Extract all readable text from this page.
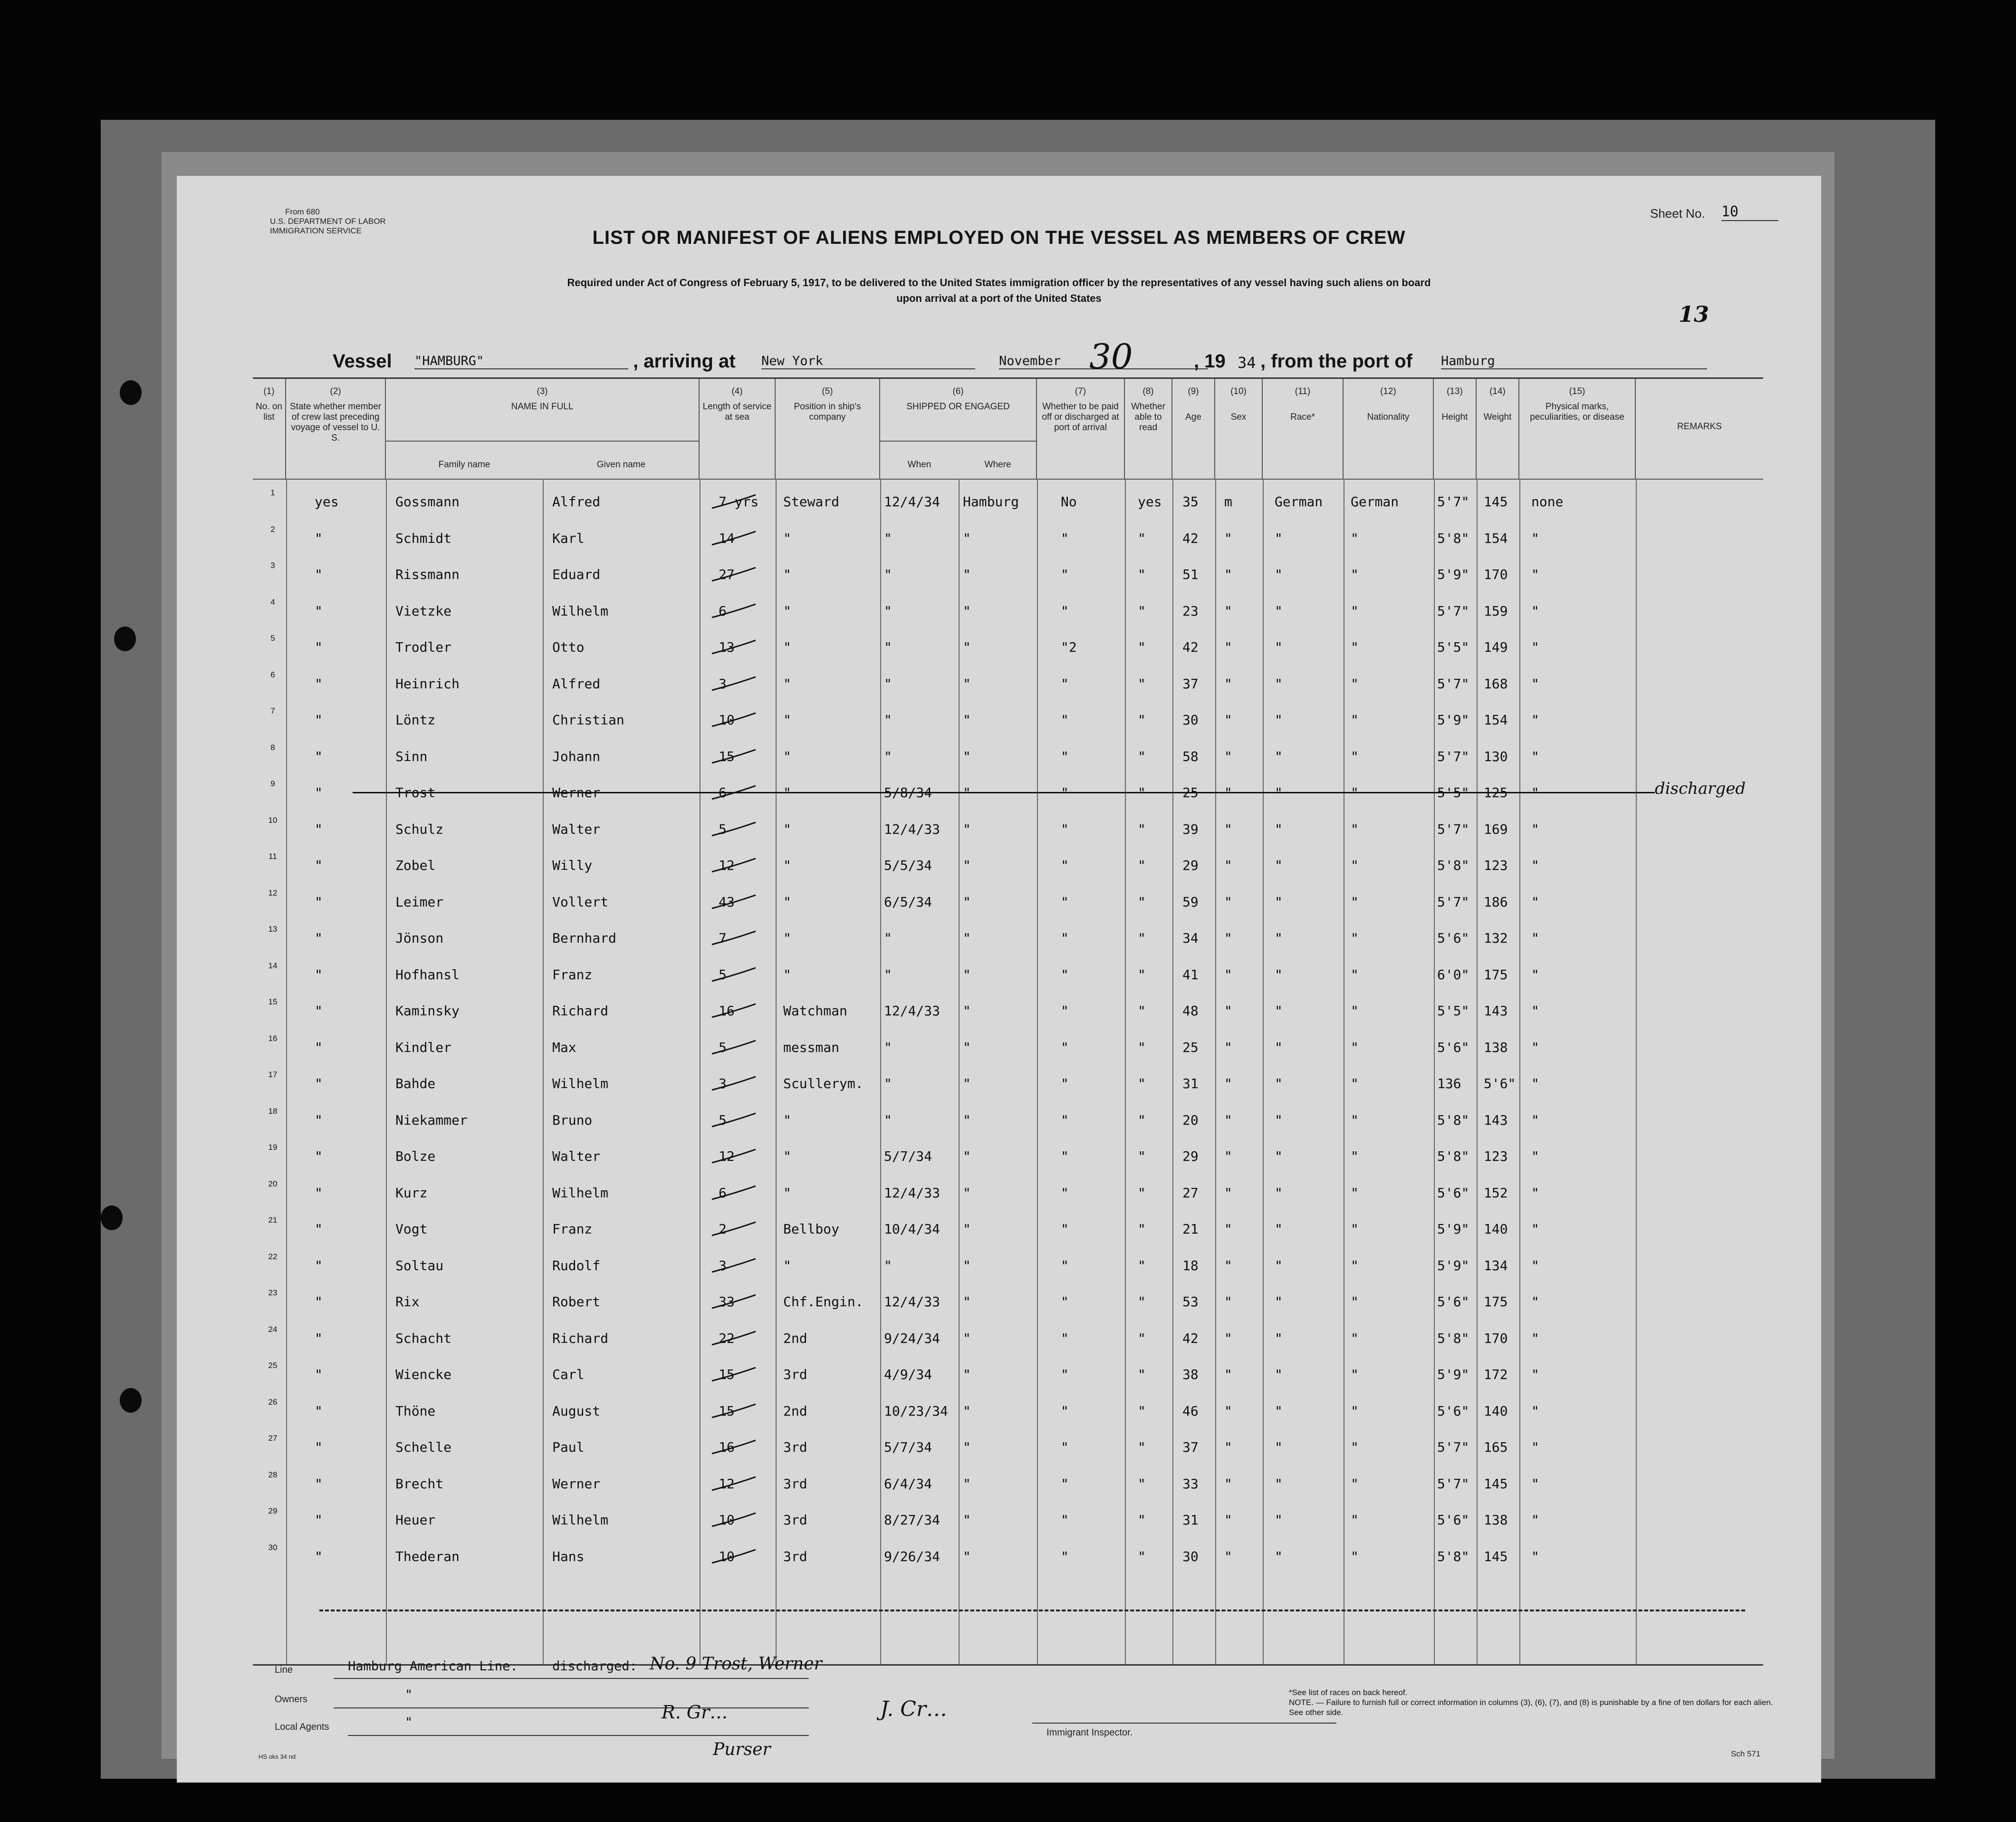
From 680
U.S. DEPARTMENT OF LABOR
IMMIGRATION SERVICE
Sheet No. 10
LIST OR MANIFEST OF ALIENS EMPLOYED ON THE VESSEL AS MEMBERS OF CREW
Required under Act of Congress of February 5, 1917, to be delivered to the United States immigration officer by the representatives of any vessel having such aliens on board
upon arrival at a port of the United States
13
Vessel "HAMBURG"	, arriving at New York	November 30	, 19 34 , from the port of Hamburg
(1)
No. on list
(2)
State whether member of crew last preceding voyage of vessel to U. S.
(3)
NAME IN FULL
Family name	Given name
(4)
Length of service at sea
(5)
Position in ship's company
(6)
SHIPPED OR ENGAGED
When	Where
(7)
Whether to be paid off or discharged at port of arrival
(8)
Whether able to read
(9)

Age
(10)

Sex
(11)

Race*
(12)

Nationality
(13)

Height
(14)

Weight
(15)
Physical marks, peculiarities, or disease
REMARKS
1
yes	Gossmann	Alfred	7 yrs Steward	12/4/34 Hamburg	No	yes 35 m	German German	5'7" 145 none
2
"	Schmidt	Karl	14	"	"	"	"	"	42 "	"	"	5'8" 154 "
3
"	Rissmann	Eduard	27	"	"	"	"	"	51 "	"	"	5'9" 170 "
4
"	Vietzke	Wilhelm	6	"	"	"	"	"	23 "	"	"	5'7" 159 "
5
"	Trodler	Otto	13	"	"	"	"2	"	42 "	"	"	5'5" 149 "
6
"	Heinrich	Alfred	3	"	"	"	"	"	37 "	"	"	5'7" 168 "
7
"	Löntz	Christian	10	"	"	"	"	"	30 "	"	"	5'9" 154 "
8
"	Sinn	Johann	15	"	"	"	"	"	58 "	"	"	5'7" 130 "
9
"	Trost	Werner	6	"	5/8/34 "	"	"	25 "	"	"	5'5" 125 "	discharged
10
"	Schulz	Walter	5	"	12/4/33 "	"	"	39 "	"	"	5'7" 169 "
11
"	Zobel	Willy	12	"	5/5/34 "	"	"	29 "	"	"	5'8" 123 "
12
"	Leimer	Vollert	43	"	6/5/34 "	"	"	59 "	"	"	5'7" 186 "
13
"	Jönson	Bernhard	7	"	"	"	"	"	34 "	"	"	5'6" 132 "
14
"	Hofhansl	Franz	5	"	"	"	"	"	41 "	"	"	6'0" 175 "
15
"	Kaminsky	Richard	16	Watchman	12/4/33 "	"	"	48 "	"	"	5'5" 143 "
16
"	Kindler	Max	5	messman	"	"	"	"	25 "	"	"	5'6" 138 "
17
"	Bahde	Wilhelm	3	Scullerym. "	"	"	"	31 "	"	"	136 5'6" "
18
"	Niekammer	Bruno	5	"	"	"	"	"	20 "	"	"	5'8" 143 "
19
"	Bolze	Walter	12	"	5/7/34 "	"	"	29 "	"	"	5'8" 123 "
20
"	Kurz	Wilhelm	6	"	12/4/33 "	"	"	27 "	"	"	5'6" 152 "
21
"	Vogt	Franz	2	Bellboy	10/4/34 "	"	"	21 "	"	"	5'9" 140 "
22
"	Soltau	Rudolf	3	"	"	"	"	"	18 "	"	"	5'9" 134 "
23
"	Rix	Robert	33	Chf.Engin. 12/4/33 "	"	"	53 "	"	"	5'6" 175 "
24
"	Schacht	Richard	22	2nd	9/24/34 "	"	"	42 "	"	"	5'8" 170 "
25
"	Wiencke	Carl	15	3rd	4/9/34 "	"	"	38 "	"	"	5'9" 172 "
26
"	Thöne	August	15	2nd	10/23/34 "	"	"	46 "	"	"	5'6" 140 "
27
"	Schelle	Paul	16	3rd	5/7/34 "	"	"	37 "	"	"	5'7" 165 "
28
"	Brecht	Werner	12	3rd	6/4/34 "	"	"	33 "	"	"	5'7" 145 "
29
"	Heuer	Wilhelm	10	3rd	8/27/34 "	"	"	31 "	"	"	5'6" 138 "
30
"	Thederan	Hans	10	3rd	9/26/34 "	"	"	30 "	"	"	5'8" 145 "
Line	Hamburg American Line.	discharged: No. 9 Trost, Werner
Owners	"
Local Agents	"	R. Gr…
Purser
J. Cr…
Immigrant Inspector.
*See list of races on back hereof.
NOTE. — Failure to furnish full or correct information in columns (3), (6), (7), and (8) is punishable by a fine of ten dollars for each alien. See other side.
HS oks 34 nd	Sch 571
